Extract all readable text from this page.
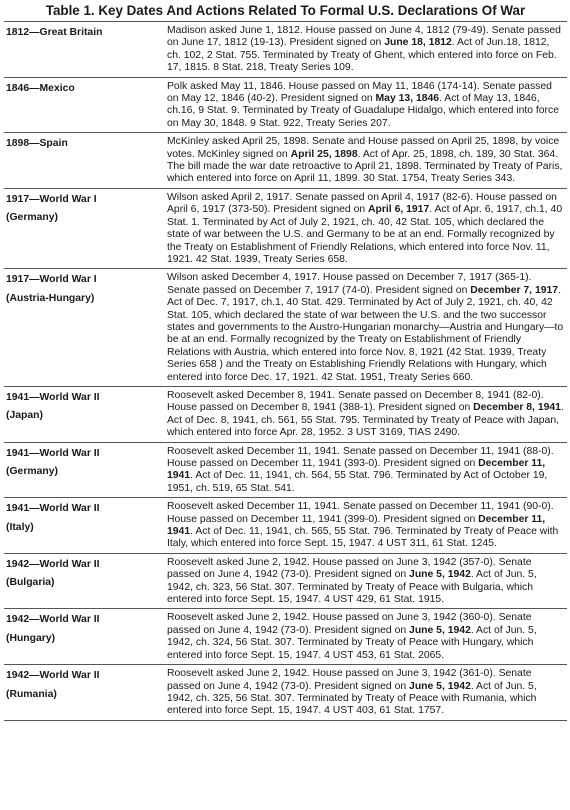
Table 1. Key Dates And Actions Related To Formal U.S. Declarations Of War
1812—Great Britain	Madison asked June 1, 1812. House passed on June 4, 1812 (79-49). Senate passed on June 17, 1812 (19-13). President signed on June 18, 1812. Act of Jun.18, 1812, ch. 102, 2 Stat. 755. Terminated by Treaty of Ghent, which entered into force on Feb. 17, 1815. 8 Stat. 218, Treaty Series 109.
1846—Mexico	Polk asked May 11, 1846. House passed on May 11, 1846 (174-14). Senate passed on May 12, 1846 (40-2). President signed on May 13, 1846. Act of May 13, 1846, ch.16, 9 Stat. 9. Terminated by Treaty of Guadalupe Hidalgo, which entered into force on May 30, 1848. 9 Stat. 922, Treaty Series 207.
1898—Spain	McKinley asked April 25, 1898. Senate and House passed on April 25, 1898, by voice votes. McKinley signed on April 25, 1898. Act of Apr. 25, 1898, ch. 189, 30 Stat. 364. The bill made the war date retroactive to April 21, 1898. Terminated by Treaty of Paris, which entered into force on April 11, 1899. 30 Stat. 1754, Treaty Series 343.
1917—World War I
(Germany)	Wilson asked April 2, 1917. Senate passed on April 4, 1917 (82-6). House passed on April 6, 1917 (373-50). President signed on April 6, 1917. Act of Apr. 6, 1917, ch.1, 40 Stat. 1. Terminated by Act of July 2, 1921, ch. 40, 42 Stat. 105, which declared the state of war between the U.S. and Germany to be at an end. Formally recognized by the Treaty on Establishment of Friendly Relations, which entered into force Nov. 11, 1921. 42 Stat. 1939, Treaty Series 658.
1917—World War I
(Austria-Hungary)	Wilson asked December 4, 1917. House passed on December 7, 1917 (365-1). Senate passed on December 7, 1917 (74-0). President signed on December 7, 1917. Act of Dec. 7, 1917, ch.1, 40 Stat. 429. Terminated by Act of July 2, 1921, ch. 40, 42 Stat. 105, which declared the state of war between the U.S. and the two successor states and governments to the Austro-Hungarian monarchy—Austria and Hungary—to be at an end. Formally recognized by the Treaty on Establishment of Friendly Relations with Austria, which entered into force Nov. 8, 1921 (42 Stat. 1939, Treaty Series 658 ) and the Treaty on Establishing Friendly Relations with Hungary, which entered into force Dec. 17, 1921. 42 Stat. 1951, Treaty Series 660.
1941—World War II
(Japan)	Roosevelt asked December 8, 1941. Senate passed on December 8, 1941 (82-0). House passed on December 8, 1941 (388-1). President signed on December 8, 1941. Act of Dec. 8, 1941, ch. 561, 55 Stat. 795. Terminated by Treaty of Peace with Japan, which entered into force Apr. 28, 1952. 3 UST 3169, TIAS 2490.
1941—World War II
(Germany)	Roosevelt asked December 11, 1941. Senate passed on December 11, 1941 (88-0). House passed on December 11, 1941 (393-0). President signed on December 11, 1941. Act of Dec. 11, 1941, ch. 564, 55 Stat. 796. Terminated by Act of October 19, 1951, ch. 519, 65 Stat. 541.
1941—World War II
(Italy)	Roosevelt asked December 11, 1941. Senate passed on December 11, 1941 (90-0). House passed on December 11, 1941 (399-0). President signed on December 11, 1941. Act of Dec. 11, 1941, ch. 565, 55 Stat. 796. Terminated by Treaty of Peace with Italy, which entered into force Sept. 15, 1947. 4 UST 311, 61 Stat. 1245.
1942—World War II
(Bulgaria)	Roosevelt asked June 2, 1942. House passed on June 3, 1942 (357-0). Senate passed on June 4, 1942 (73-0). President signed on June 5, 1942. Act of Jun. 5, 1942, ch. 323, 56 Stat. 307. Terminated by Treaty of Peace with Bulgaria, which entered into force Sept. 15, 1947. 4 UST 429, 61 Stat. 1915.
1942—World War II
(Hungary)	Roosevelt asked June 2, 1942. House passed on June 3, 1942 (360-0). Senate passed on June 4, 1942 (73-0). President signed on June 5, 1942. Act of Jun. 5, 1942, ch. 324, 56 Stat. 307. Terminated by Treaty of Peace with Hungary, which entered into force Sept. 15, 1947. 4 UST 453, 61 Stat. 2065.
1942—World War II
(Rumania)	Roosevelt asked June 2, 1942. House passed on June 3, 1942 (361-0). Senate passed on June 4, 1942 (73-0). President signed on June 5, 1942. Act of Jun. 5, 1942, ch. 325, 56 Stat. 307. Terminated by Treaty of Peace with Rumania, which entered into force Sept. 15, 1947. 4 UST 403, 61 Stat. 1757.
